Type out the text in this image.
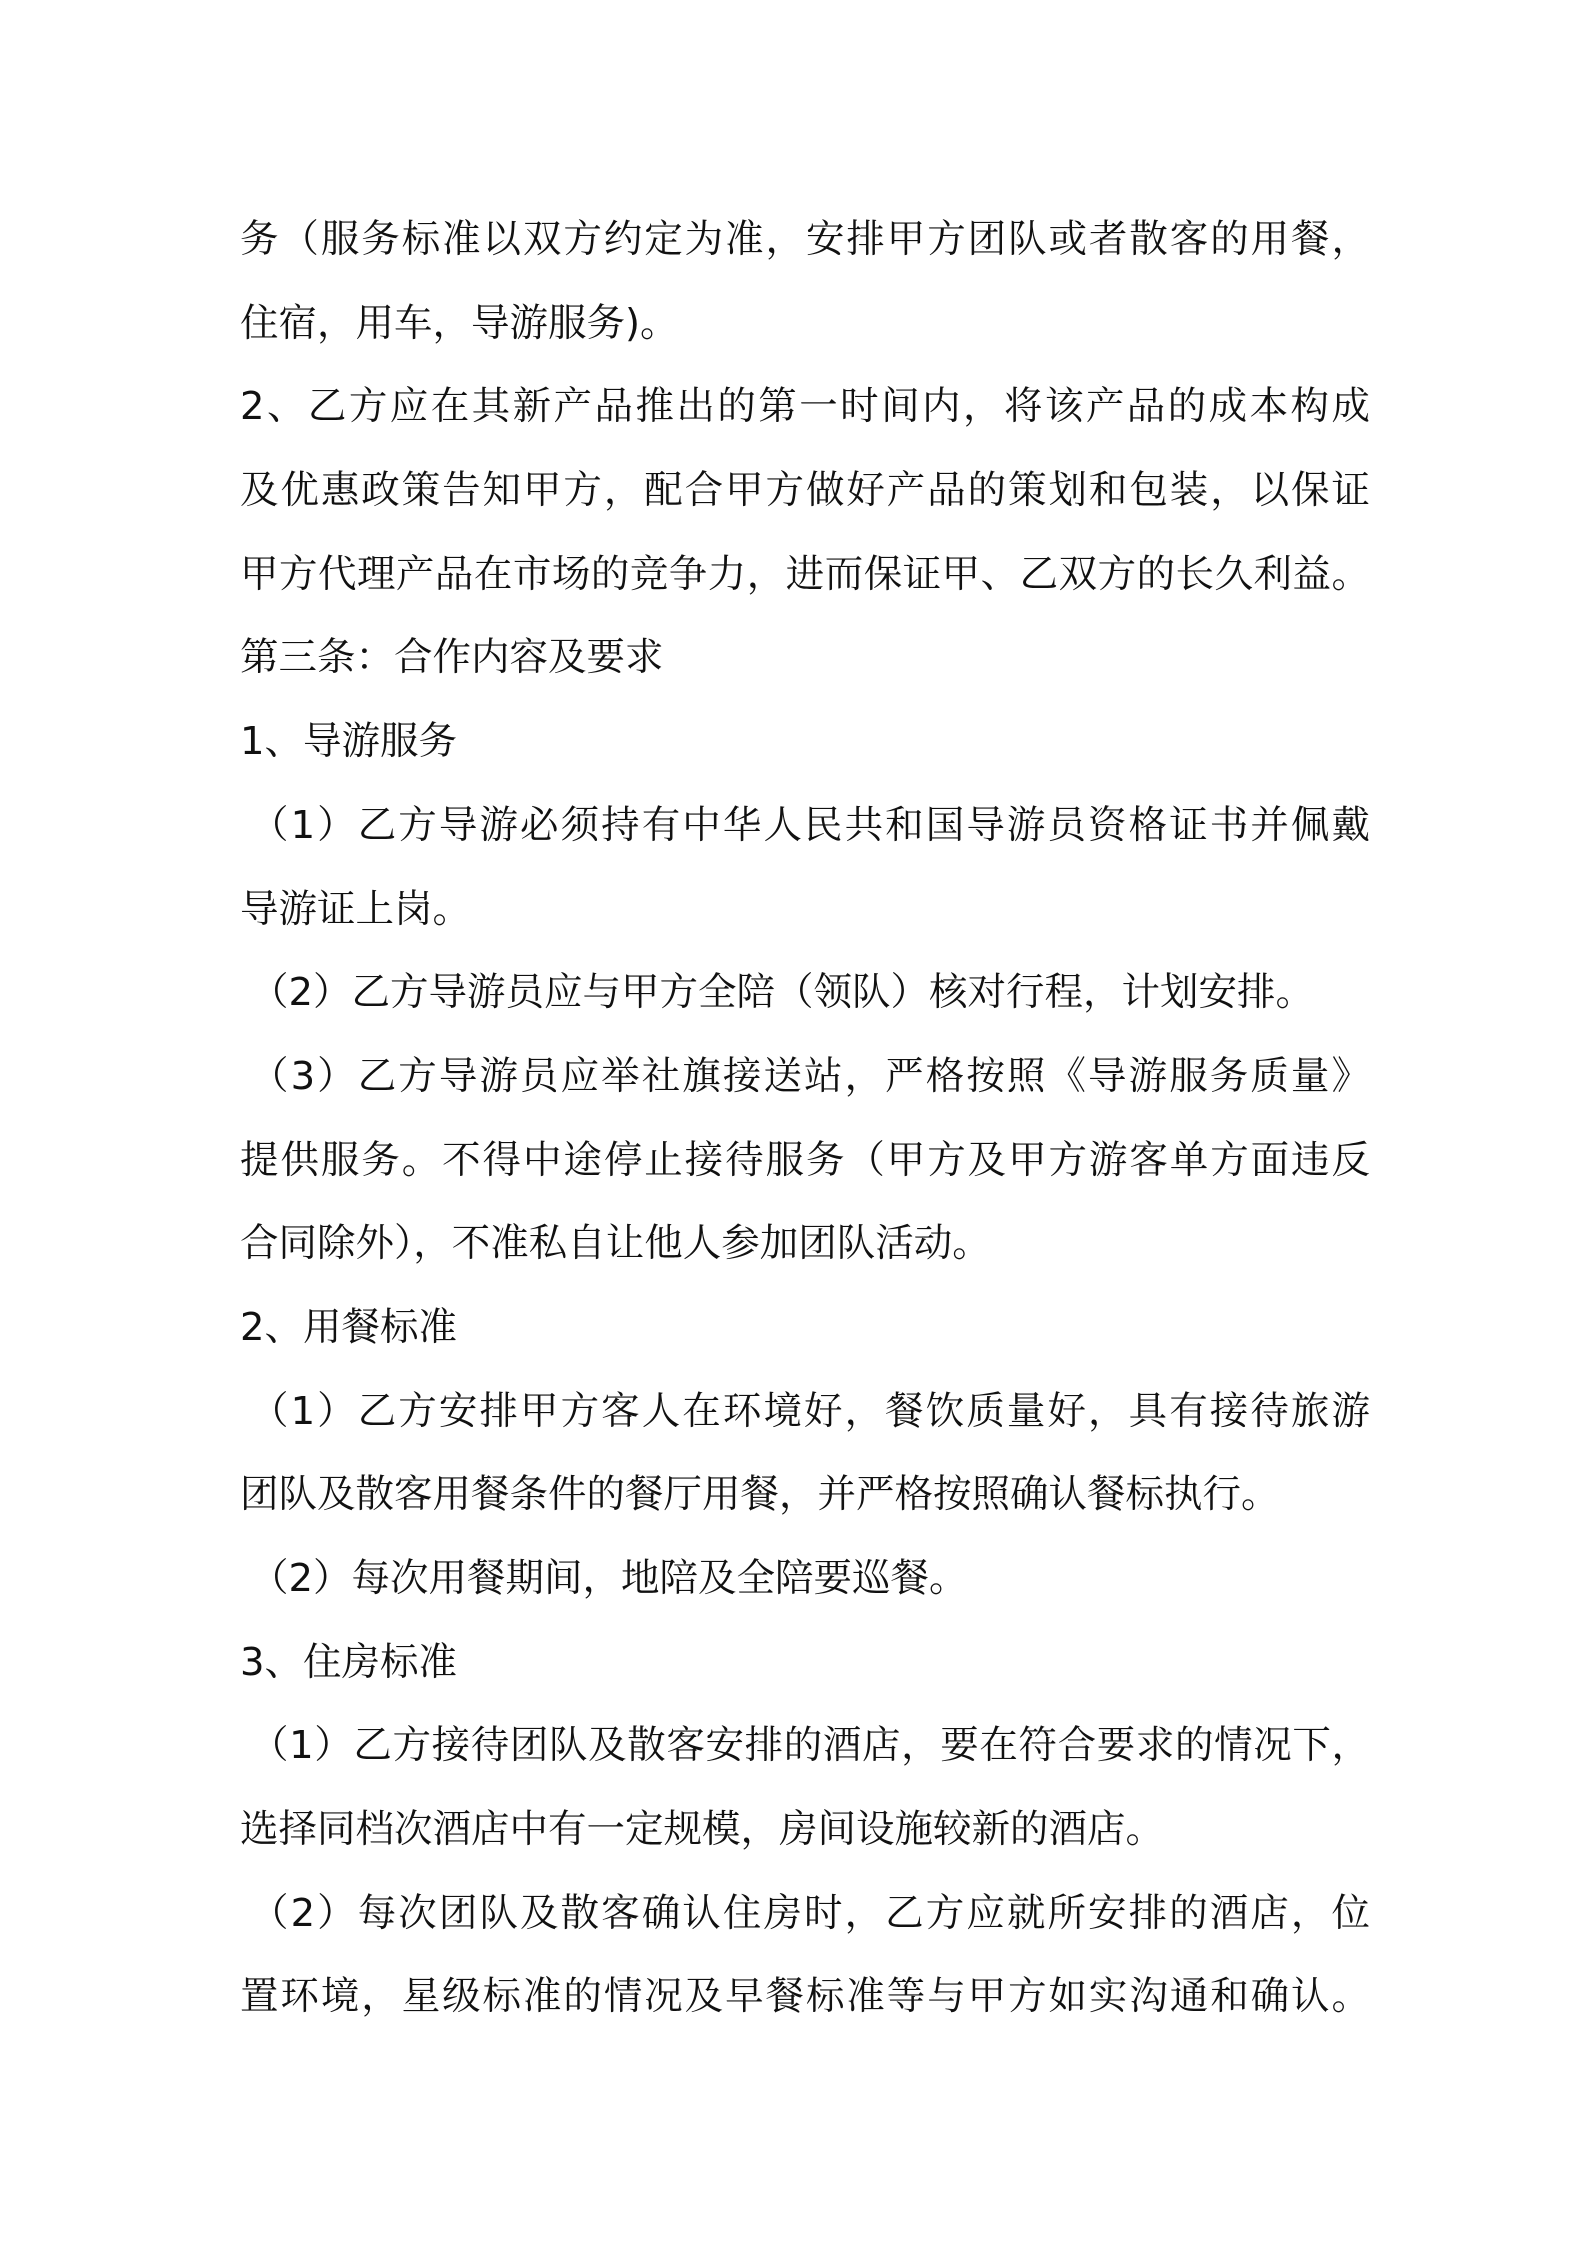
务（服务标准以双方约定为准，安排甲方团队或者散客的用餐，
住宿，用车，导游服务)。
2、乙方应在其新产品推出的第一时间内，将该产品的成本构成
及优惠政策告知甲方，配合甲方做好产品的策划和包装，以保证
甲方代理产品在市场的竞争力，进而保证甲、乙双方的长久利益。
第三条：合作内容及要求
1、导游服务
（1）乙方导游必须持有中华人民共和国导游员资格证书并佩戴
导游证上岗。
（2）乙方导游员应与甲方全陪（领队）核对行程，计划安排。
（3）乙方导游员应举社旗接送站，严格按照《导游服务质量》
提供服务。不得中途停止接待服务（甲方及甲方游客单方面违反
合同除外），不准私自让他人参加团队活动。
2、用餐标准
（1）乙方安排甲方客人在环境好，餐饮质量好，具有接待旅游
团队及散客用餐条件的餐厅用餐，并严格按照确认餐标执行。
（2）每次用餐期间，地陪及全陪要巡餐。
3、住房标准
（1）乙方接待团队及散客安排的酒店，要在符合要求的情况下，
选择同档次酒店中有一定规模，房间设施较新的酒店。
（2）每次团队及散客确认住房时，乙方应就所安排的酒店，位
置环境，星级标准的情况及早餐标准等与甲方如实沟通和确认。
